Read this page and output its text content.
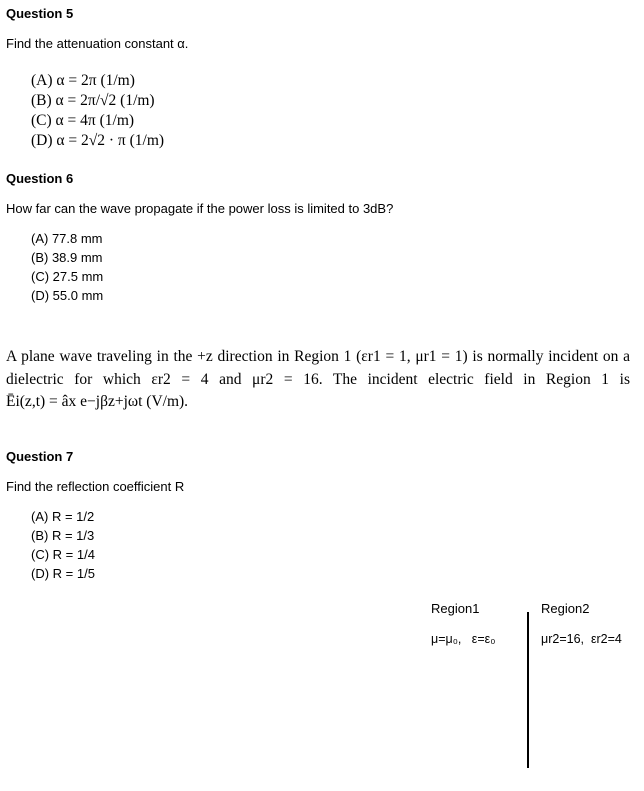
Question 5
Find the attenuation constant α.
(A) α = 2π (1/m)
(B) α = 2π/√2 (1/m)
(C) α = 4π (1/m)
(D) α = 2√2 · π (1/m)
Question 6
How far can the wave propagate if the power loss is limited to 3dB?
(A) 77.8 mm
(B) 38.9 mm
(C) 27.5 mm
(D) 55.0 mm
A plane wave traveling in the +z direction in Region 1 (εr1 = 1, μr1 = 1) is normally incident on a
dielectric for which εr2 = 4 and μr2 = 16. The incident electric field in Region 1 is
Ēi(z,t) = âx e−jβz+jωt (V/m).
Question 7
Find the reflection coefficient R
(A) R = 1/2
(B) R = 1/3
(C) R = 1/4
(D) R = 1/5
Region1	Region2
μ=μ₀,   ε=ε₀	μr2=16,  εr2=4
